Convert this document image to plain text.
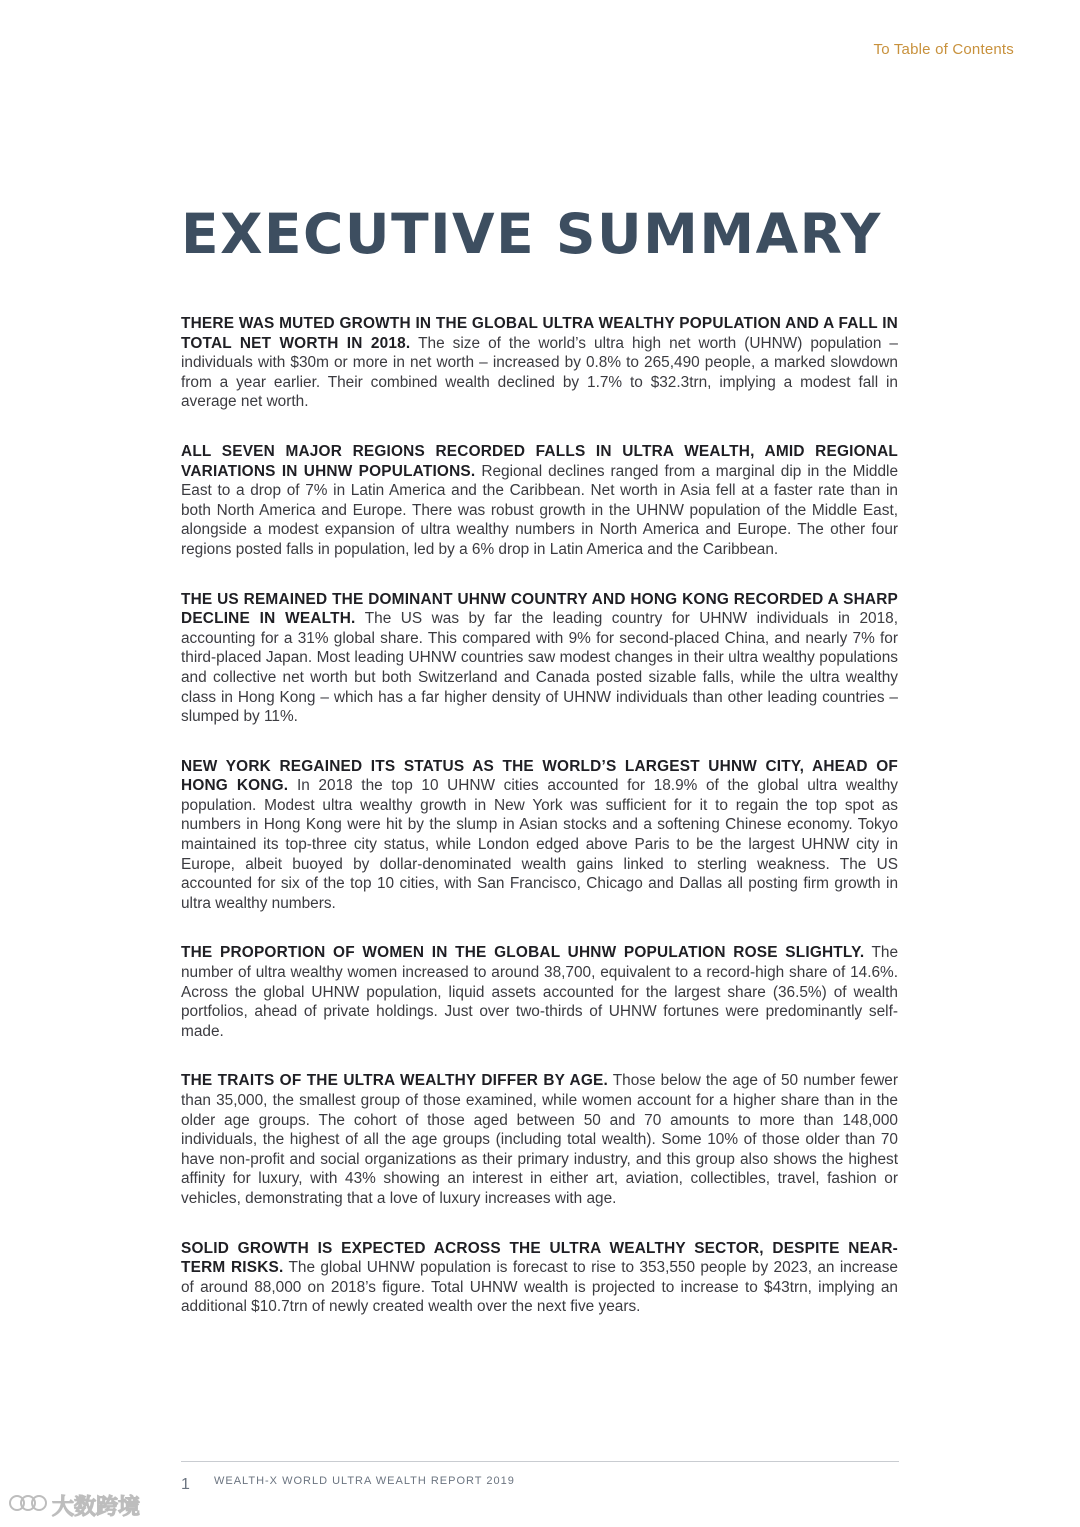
To Table of Contents
EXECUTIVE SUMMARY

THERE WAS MUTED GROWTH IN THE GLOBAL ULTRA WEALTHY POPULATION AND A FALL IN TOTAL NET WORTH IN 2018. The size of the world’s ultra high net worth (UHNW) population – individuals with $30m or more in net worth – increased by 0.8% to 265,490 people, a marked slowdown from a year earlier. Their combined wealth declined by 1.7% to $32.3trn, implying a modest fall in average net worth.

ALL SEVEN MAJOR REGIONS RECORDED FALLS IN ULTRA WEALTH, AMID REGIONAL VARIATIONS IN UHNW POPULATIONS. Regional declines ranged from a marginal dip in the Middle East to a drop of 7% in Latin America and the Caribbean. Net worth in Asia fell at a faster rate than in both North America and Europe. There was robust growth in the UHNW population of the Middle East, alongside a modest expansion of ultra wealthy numbers in North America and Europe. The other four regions posted falls in population, led by a 6% drop in Latin America and the Caribbean.

THE US REMAINED THE DOMINANT UHNW COUNTRY AND HONG KONG RECORDED A SHARP DECLINE IN WEALTH. The US was by far the leading country for UHNW individuals in 2018, accounting for a 31% global share. This compared with 9% for second-placed China, and nearly 7% for third-placed Japan. Most leading UHNW countries saw modest changes in their ultra wealthy populations and collective net worth but both Switzerland and Canada posted sizable falls, while the ultra wealthy class in Hong Kong – which has a far higher density of UHNW individuals than other leading countries – slumped by 11%.

NEW YORK REGAINED ITS STATUS AS THE WORLD’S LARGEST UHNW CITY, AHEAD OF HONG KONG. In 2018 the top 10 UHNW cities accounted for 18.9% of the global ultra wealthy population. Modest ultra wealthy growth in New York was sufficient for it to regain the top spot as numbers in Hong Kong were hit by the slump in Asian stocks and a softening Chinese economy. Tokyo maintained its top-three city status, while London edged above Paris to be the largest UHNW city in Europe, albeit buoyed by dollar-denominated wealth gains linked to sterling weakness. The US accounted for six of the top 10 cities, with San Francisco, Chicago and Dallas all posting firm growth in ultra wealthy numbers.

THE PROPORTION OF WOMEN IN THE GLOBAL UHNW POPULATION ROSE SLIGHTLY. The number of ultra wealthy women increased to around 38,700, equivalent to a record-high share of 14.6%. Across the global UHNW population, liquid assets accounted for the largest share (36.5%) of wealth portfolios, ahead of private holdings. Just over two-thirds of UHNW fortunes were predominantly self-made.

THE TRAITS OF THE ULTRA WEALTHY DIFFER BY AGE. Those below the age of 50 number fewer than 35,000, the smallest group of those examined, while women account for a higher share than in the older age groups. The cohort of those aged between 50 and 70 amounts to more than 148,000 individuals, the highest of all the age groups (including total wealth). Some 10% of those older than 70 have non-profit and social organizations as their primary industry, and this group also shows the highest affinity for luxury, with 43% showing an interest in either art, aviation, collectibles, travel, fashion or vehicles, demonstrating that a love of luxury increases with age.

SOLID GROWTH IS EXPECTED ACROSS THE ULTRA WEALTHY SECTOR, DESPITE NEAR-TERM RISKS. The global UHNW population is forecast to rise to 353,550 people by 2023, an increase of around 88,000 on 2018’s figure. Total UHNW wealth is projected to increase to $43trn, implying an additional $10.7trn of newly created wealth over the next five years.

1 WEALTH-X WORLD ULTRA WEALTH REPORT 2019
大数跨境
